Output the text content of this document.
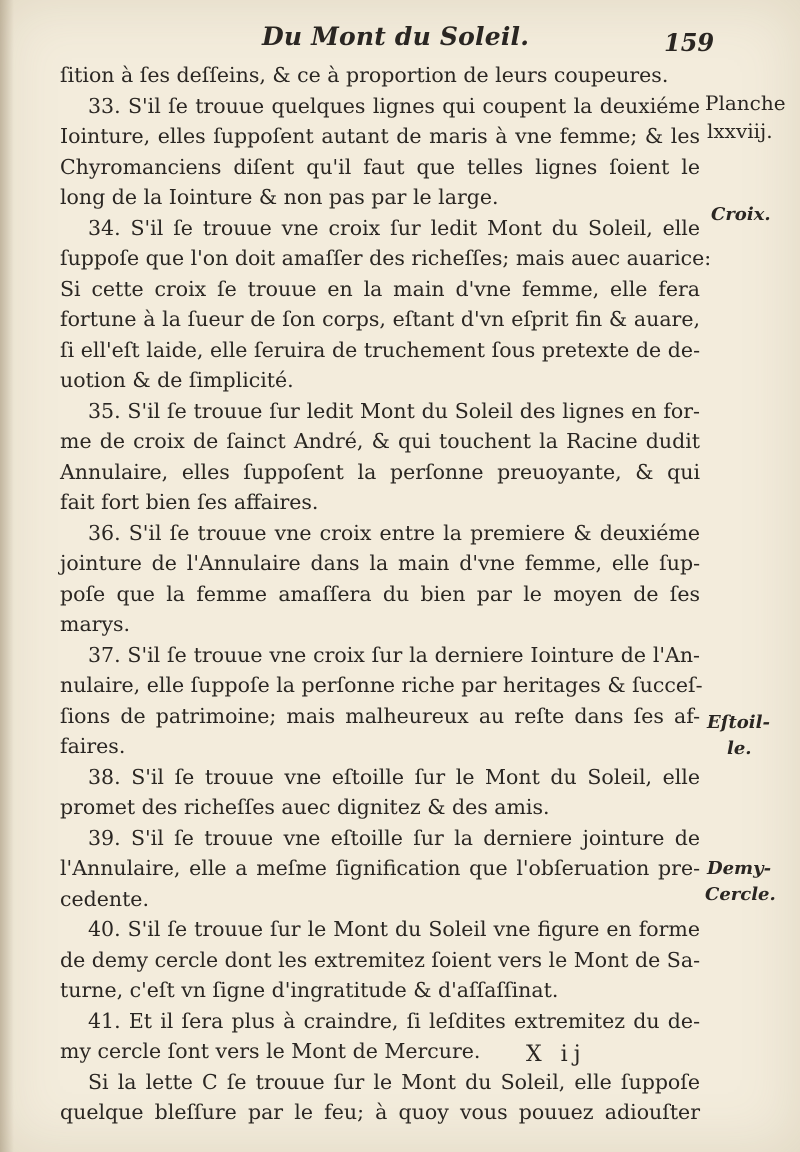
Du Mont du Soleil.	159
ſition à ſes deſſeins, & ce à proportion de leurs coupeures.
33. S'il ſe trouue quelques lignes qui coupent la deuxiéme
Iointure, elles ſuppoſent autant de maris à vne femme; & les
Chyromanciens diſent qu'il faut que telles lignes ſoient le
long de la Iointure & non pas par le large.
34. S'il ſe trouue vne croix ſur ledit Mont du Soleil, elle
ſuppoſe que l'on doit amaſſer des richeſſes; mais auec auarice:
Si cette croix ſe trouue en la main d'vne femme, elle fera
fortune à la ſueur de ſon corps, eſtant d'vn eſprit fin & auare,
ſi ell'eſt laide, elle ſeruira de truchement ſous pretexte de de-
uotion & de ſimplicité.
35. S'il ſe trouue ſur ledit Mont du Soleil des lignes en for-
me de croix de ſainct André, & qui touchent la Racine dudit
Annulaire, elles ſuppoſent la perſonne preuoyante, & qui
fait fort bien ſes affaires.
36. S'il ſe trouue vne croix entre la premiere & deuxiéme
jointure de l'Annulaire dans la main d'vne femme, elle ſup-
poſe que la femme amaſſera du bien par le moyen de ſes
marys.
37. S'il ſe trouue vne croix ſur la derniere Iointure de l'An-
nulaire, elle ſuppoſe la perſonne riche par heritages & ſucceſ-
ſions de patrimoine; mais malheureux au reſte dans ſes af-
faires.
38. S'il ſe trouue vne eſtoille ſur le Mont du Soleil, elle
promet des richeſſes auec dignitez & des amis.
39. S'il ſe trouue vne eſtoille ſur la derniere jointure de
l'Annulaire, elle a meſme ſignification que l'obſeruation pre-
cedente.
40. S'il ſe trouue ſur le Mont du Soleil vne figure en forme
de demy cercle dont les extremitez ſoient vers le Mont de Sa-
turne, c'eſt vn ſigne d'ingratitude & d'aſſaſſinat.
41. Et il ſera plus à craindre, ſi leſdites extremitez du de-
my cercle ſont vers le Mont de Mercure.
Si la lette C ſe trouue ſur le Mont du Soleil, elle ſuppoſe
quelque bleſſure par le feu; à quoy vous pouuez adiouſter
Planche
lxxviij.
Croix.
Eſtoil-
le.
Demy-
Cercle.
X ij
